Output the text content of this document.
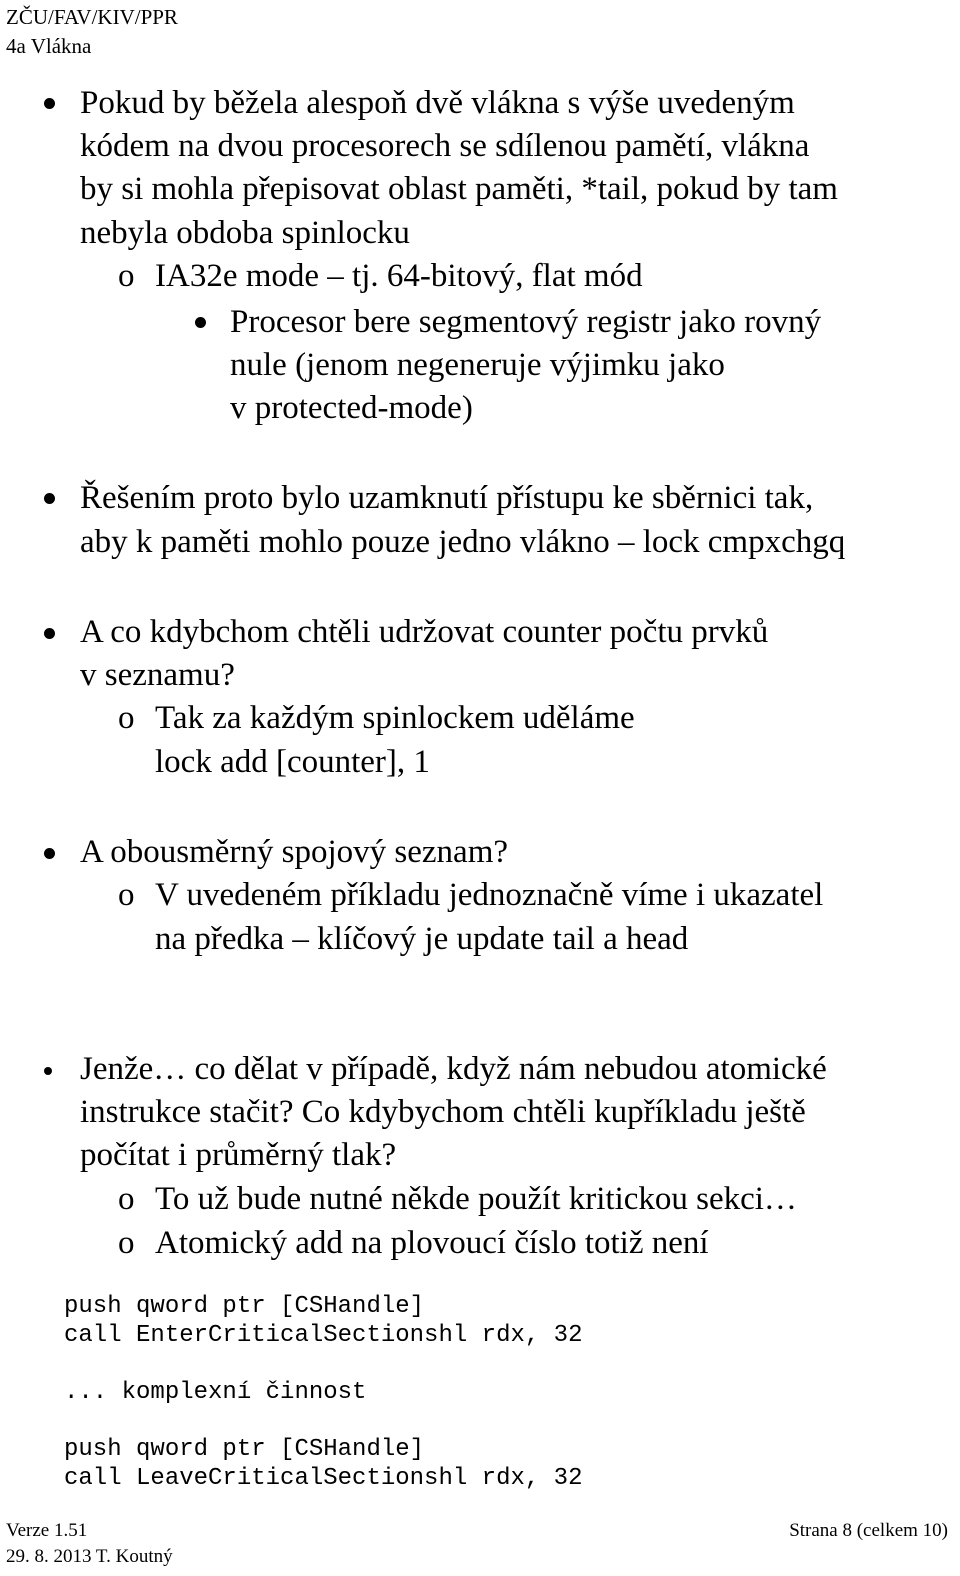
ZČU/FAV/KIV/PPR
4a Vlákna
Pokud by běžela alespoň dvě vlákna s výše uvedeným
kódem na dvou procesorech se sdílenou pamětí, vlákna
by si mohla přepisovat oblast paměti, *tail, pokud by tam
nebyla obdoba spinlocku
o IA32e mode – tj. 64-bitový, flat mód
Procesor bere segmentový registr jako rovný
nule (jenom negeneruje výjimku jako
v protected-mode)
Řešením proto bylo uzamknutí přístupu ke sběrnici tak,
aby k paměti mohlo pouze jedno vlákno – lock cmpxchgq
A co kdybchom chtěli udržovat counter počtu prvků
v seznamu?
o Tak za každým spinlockem uděláme
lock add [counter], 1
A obousměrný spojový seznam?
o V uvedeném příkladu jednoznačně víme i ukazatel
na předka – klíčový je update tail a head
Jenže… co dělat v případě, když nám nebudou atomické
instrukce stačit? Co kdybychom chtěli kupříkladu ještě
počítat i průměrný tlak?
o To už bude nutné někde použít kritickou sekci…
o Atomický add na plovoucí číslo totiž není
push qword ptr [CSHandle]
call EnterCriticalSectionshl rdx, 32
... komplexní činnost
push qword ptr [CSHandle]
call LeaveCriticalSectionshl rdx, 32
Verze 1.51
29. 8. 2013 T. Koutný
Strana 8 (celkem 10)
